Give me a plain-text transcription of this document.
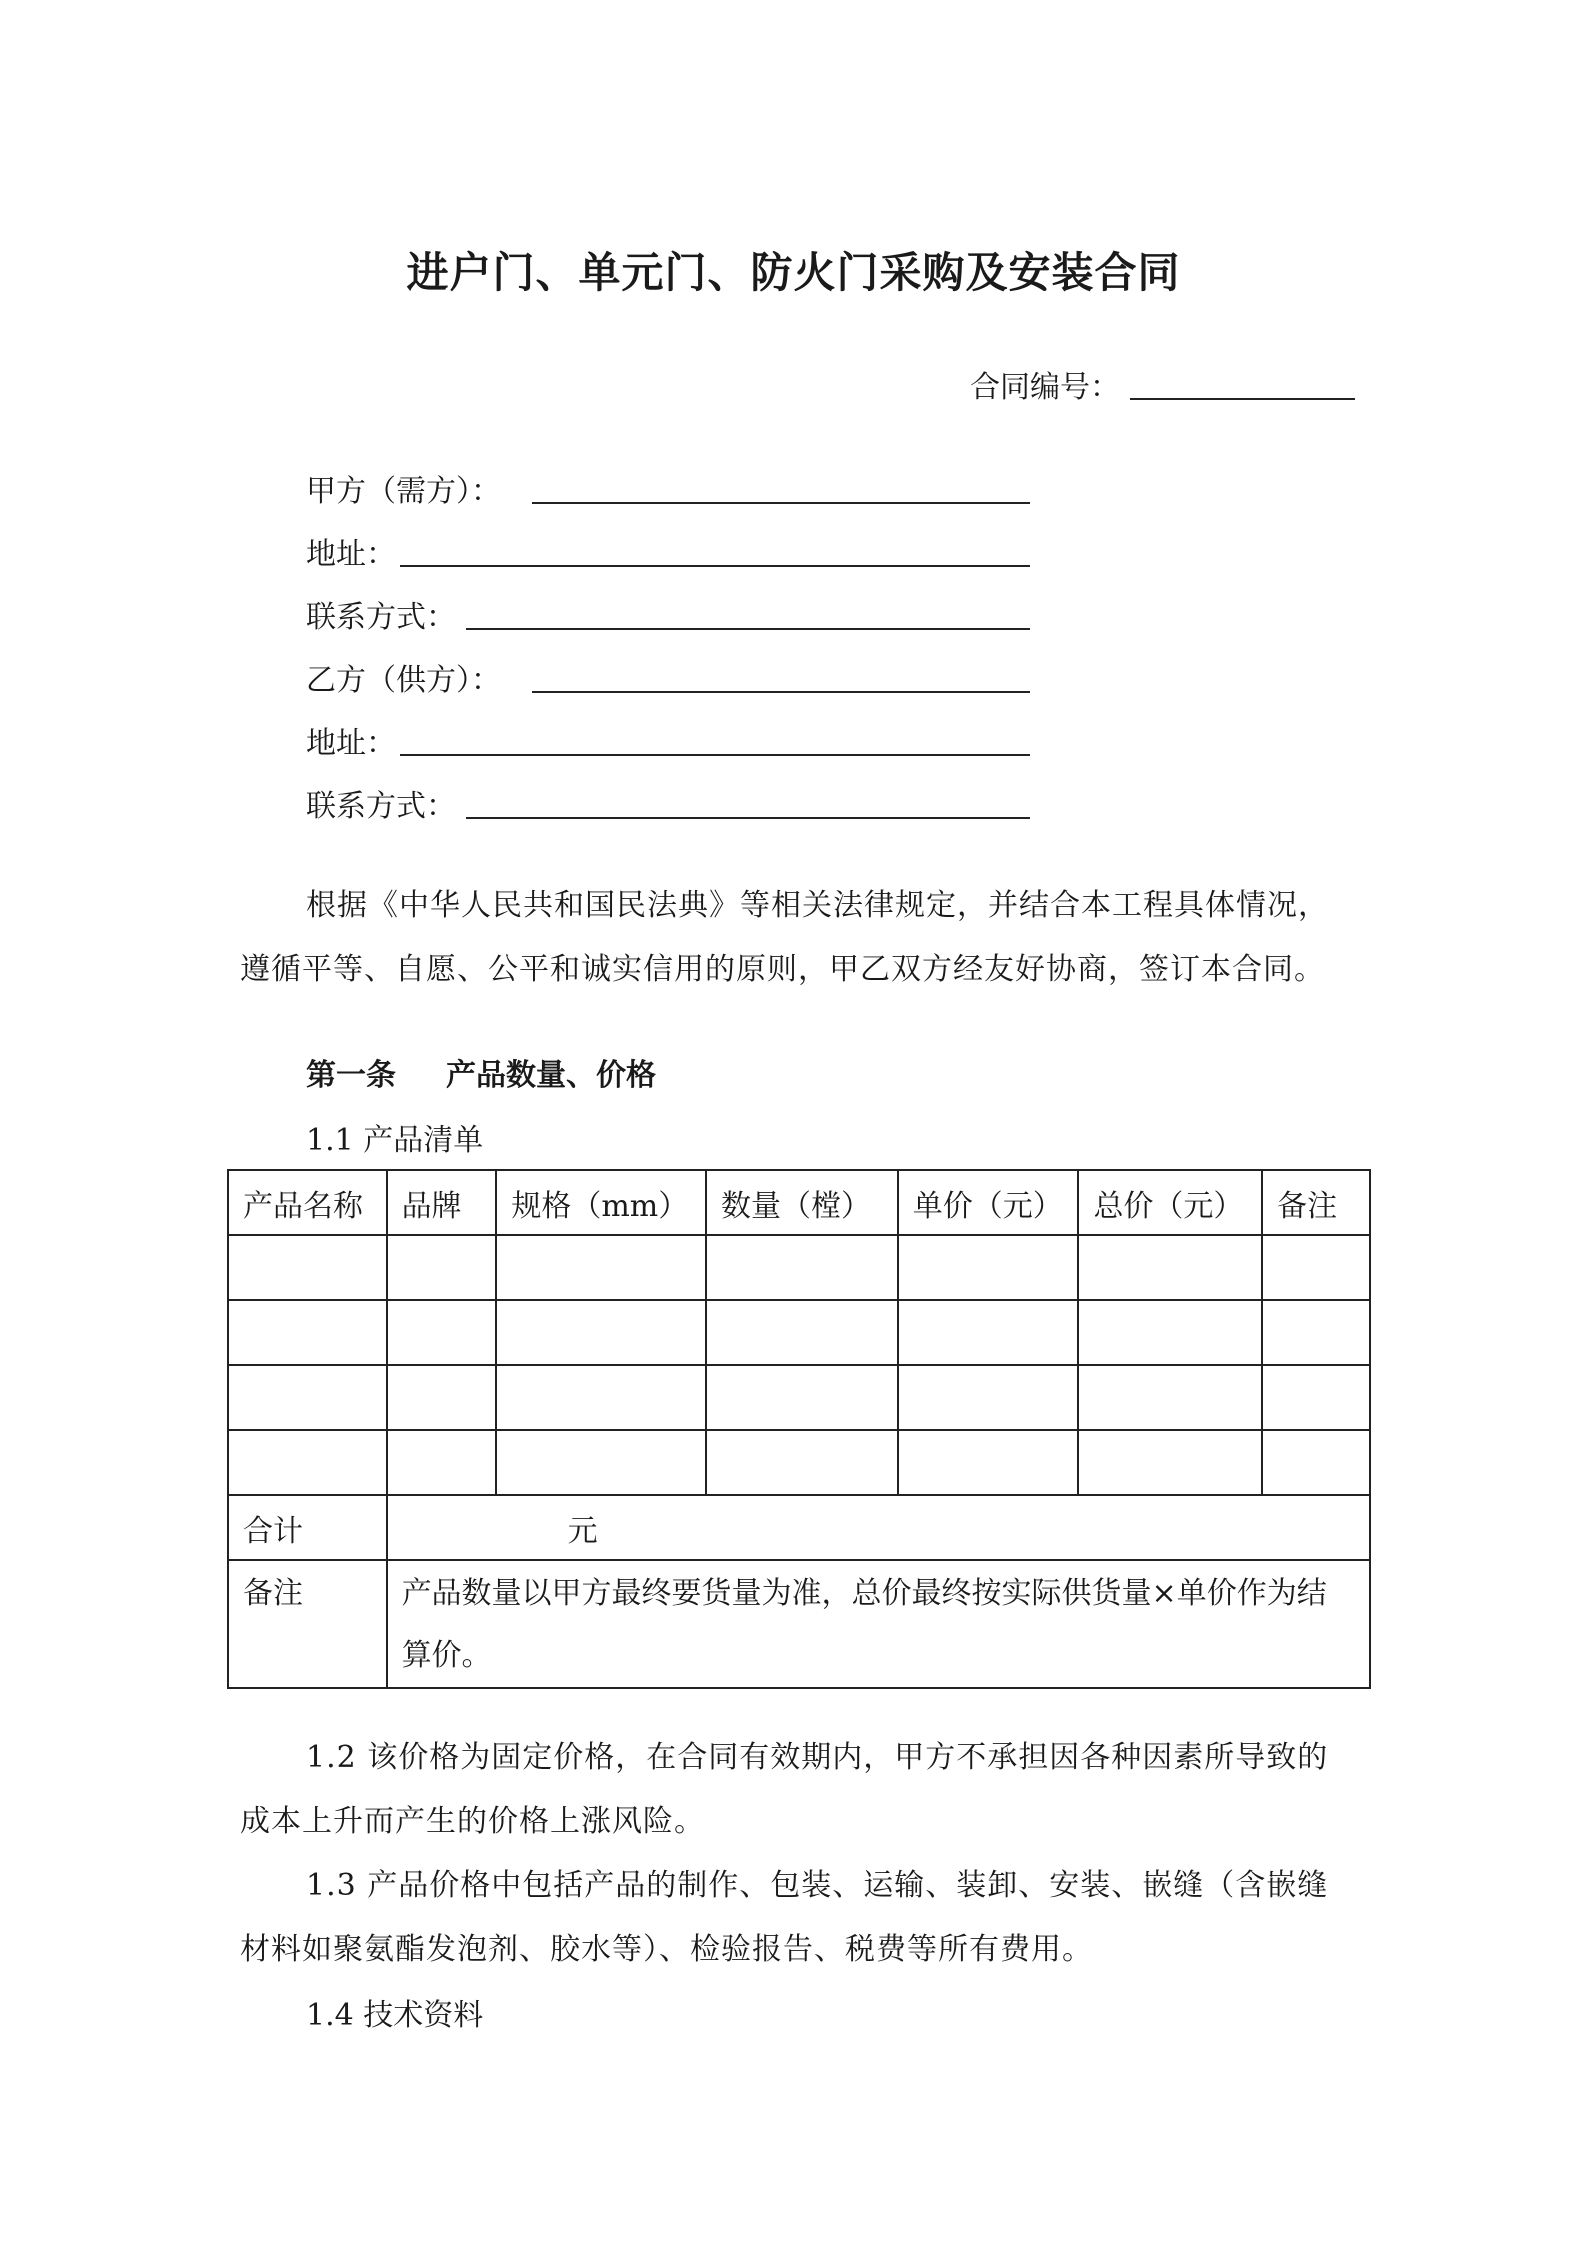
进户门、单元门、防火门采购及安装合同
合同编号：
甲方（需方）：
地址：
联系方式：
乙方（供方）：
地址：
联系方式：
根据《中华人民共和国民法典》等相关法律规定，并结合本工程具体情况，遵循平等、自愿、公平和诚实信用的原则，甲乙双方经友好协商，签订本合同。
第一条 产品数量、价格
1.1 产品清单
产品名称	品牌	规格（mm）	数量（樘）	单价（元）	总价（元）	备注

合计	元					
备注	产品数量以甲方最终要货量为准，总价最终按实际供货量×单价作为结算价。					
1.2 该价格为固定价格，在合同有效期内，甲方不承担因各种因素所导致的成本上升而产生的价格上涨风险。
1.3 产品价格中包括产品的制作、包装、运输、装卸、安装、嵌缝（含嵌缝材料如聚氨酯发泡剂、胶水等）、检验报告、税费等所有费用。
1.4 技术资料
